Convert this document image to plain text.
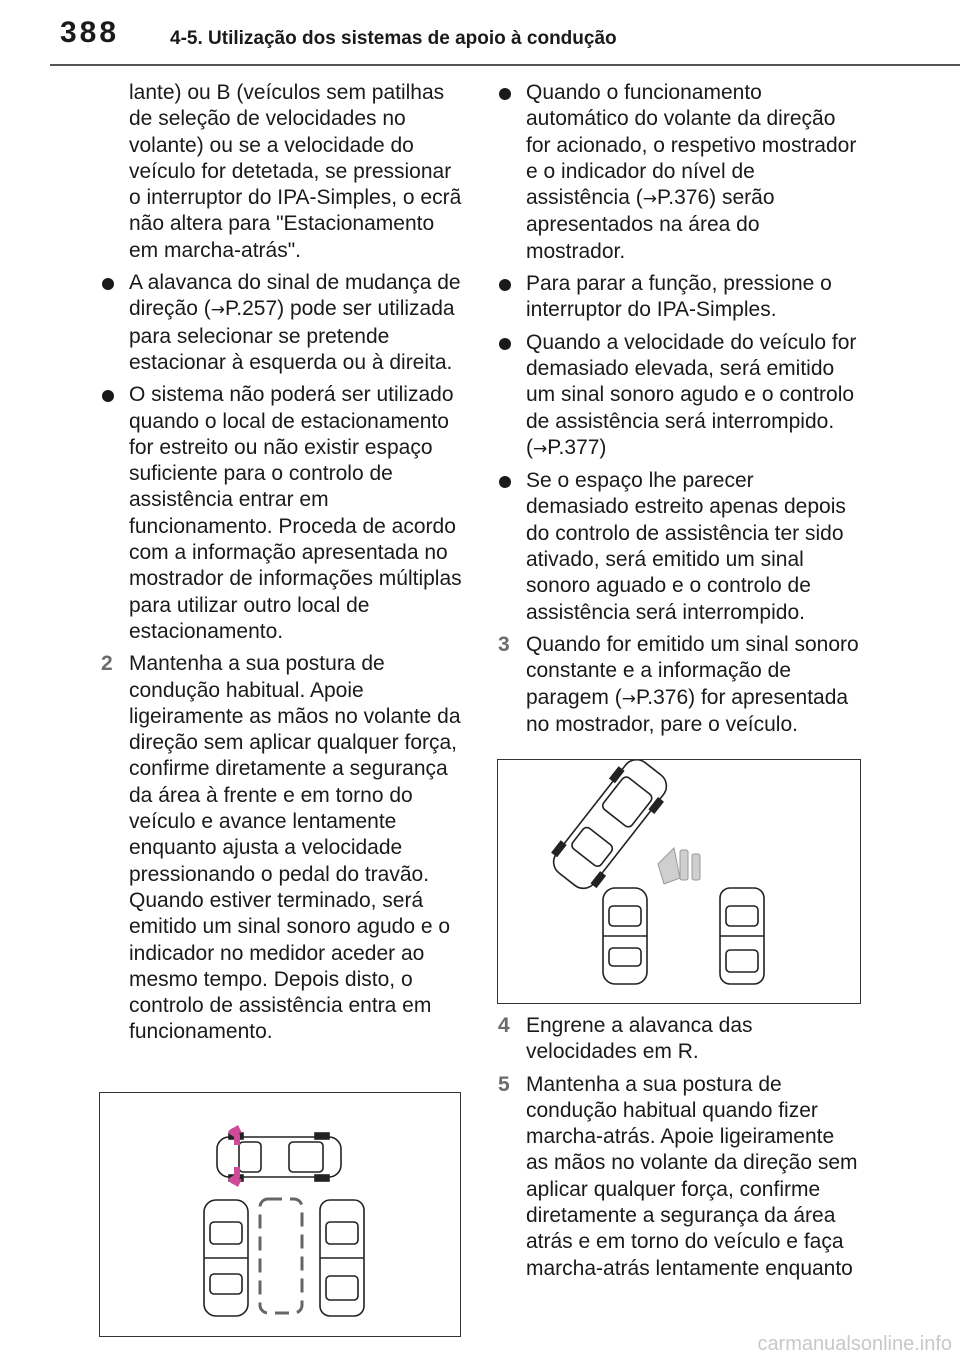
388	4-5. Utilização dos sistemas de apoio à condução

lante) ou B (veículos sem patilhas de seleção de velocidades no volante) ou se a velocidade do veículo for detetada, se pressionar o interruptor do IPA-Simples, o ecrã não altera para "Estacionamento em marcha-atrás".

A alavanca do sinal de mudança de direção (→P.257) pode ser utilizada para selecionar se pretende estacionar à esquerda ou à direita.
O sistema não poderá ser utilizado quando o local de estacionamento for estreito ou não existir espaço suficiente para o controlo de assistência entrar em funcionamento. Proceda de acordo com a informação apresentada no mostrador de informações múltiplas para utilizar outro local de estacionamento.
2 Mantenha a sua postura de condução habitual. Apoie ligeiramente as mãos no volante da direção sem aplicar qualquer força, confirme diretamente a segurança da área à frente e em torno do veículo e avance lentamente enquanto ajusta a velocidade pressionando o pedal do travão. Quando estiver terminado, será emitido um sinal sonoro agudo e o indicador no medidor aceder ao mesmo tempo. Depois disto, o controlo de assistência entra em funcionamento.
Quando o funcionamento automático do volante da direção for acionado, o respetivo mostrador e o indicador do nível de assistência (→P.376) serão apresentados na área do mostrador.
Para parar a função, pressione o interruptor do IPA-Simples.
Quando a velocidade do veículo for demasiado elevada, será emitido um sinal sonoro agudo e o controlo de assistência será interrompido. (→P.377)
Se o espaço lhe parecer demasiado estreito apenas depois do controlo de assistência ter sido ativado, será emitido um sinal sonoro aguado e o controlo de assistência será interrompido.
3 Quando for emitido um sinal sonoro constante e a informação de paragem (→P.376) for apresentada no mostrador, pare o veículo.
4 Engrene a alavanca das velocidades em R.
5 Mantenha a sua postura de condução habitual quando fizer marcha-atrás. Apoie ligeiramente as mãos no volante da direção sem aplicar qualquer força, confirme diretamente a segurança da área atrás e em torno do veículo e faça marcha-atrás lentamente enquanto
carmanualsonline.info
